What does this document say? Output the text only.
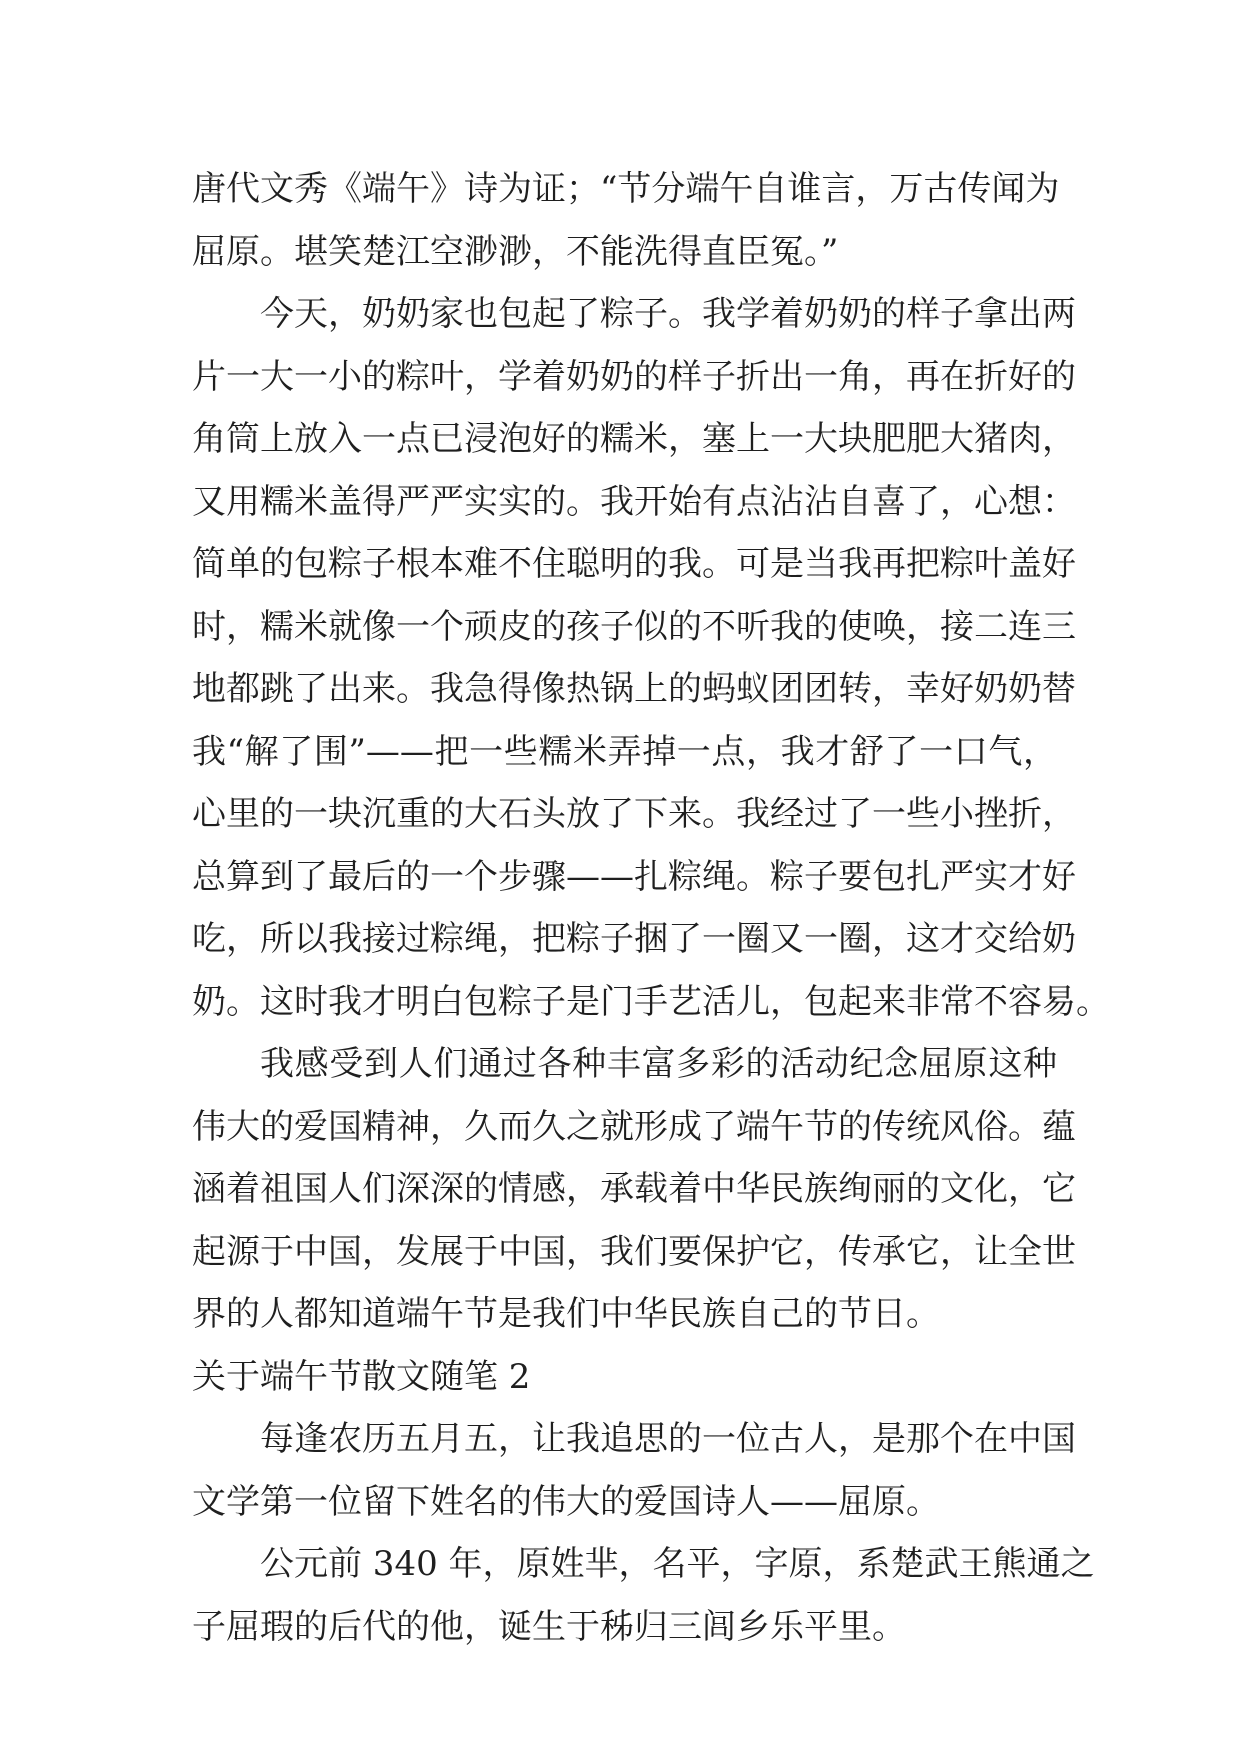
唐代文秀《端午》诗为证；“节分端午自谁言，万古传闻为
屈原。堪笑楚江空渺渺，不能洗得直臣冤。”
今天，奶奶家也包起了粽子。我学着奶奶的样子拿出两
片一大一小的粽叶，学着奶奶的样子折出一角，再在折好的
角筒上放入一点已浸泡好的糯米，塞上一大块肥肥大猪肉，
又用糯米盖得严严实实的。我开始有点沾沾自喜了，心想：
简单的包粽子根本难不住聪明的我。可是当我再把粽叶盖好
时，糯米就像一个顽皮的孩子似的不听我的使唤，接二连三
地都跳了出来。我急得像热锅上的蚂蚁团团转，幸好奶奶替
我“解了围”——把一些糯米弄掉一点，我才舒了一口气，
心里的一块沉重的大石头放了下来。我经过了一些小挫折，
总算到了最后的一个步骤——扎粽绳。粽子要包扎严实才好
吃，所以我接过粽绳，把粽子捆了一圈又一圈，这才交给奶
奶。这时我才明白包粽子是门手艺活儿，包起来非常不容易。
我感受到人们通过各种丰富多彩的活动纪念屈原这种
伟大的爱国精神，久而久之就形成了端午节的传统风俗。蕴
涵着祖国人们深深的情感，承载着中华民族绚丽的文化，它
起源于中国，发展于中国，我们要保护它，传承它，让全世
界的人都知道端午节是我们中华民族自己的节日。
关于端午节散文随笔 2
每逢农历五月五，让我追思的一位古人，是那个在中国
文学第一位留下姓名的伟大的爱国诗人——屈原。
公元前 340 年，原姓芈，名平，字原，系楚武王熊通之
子屈瑕的后代的他，诞生于秭归三闾乡乐平里。
